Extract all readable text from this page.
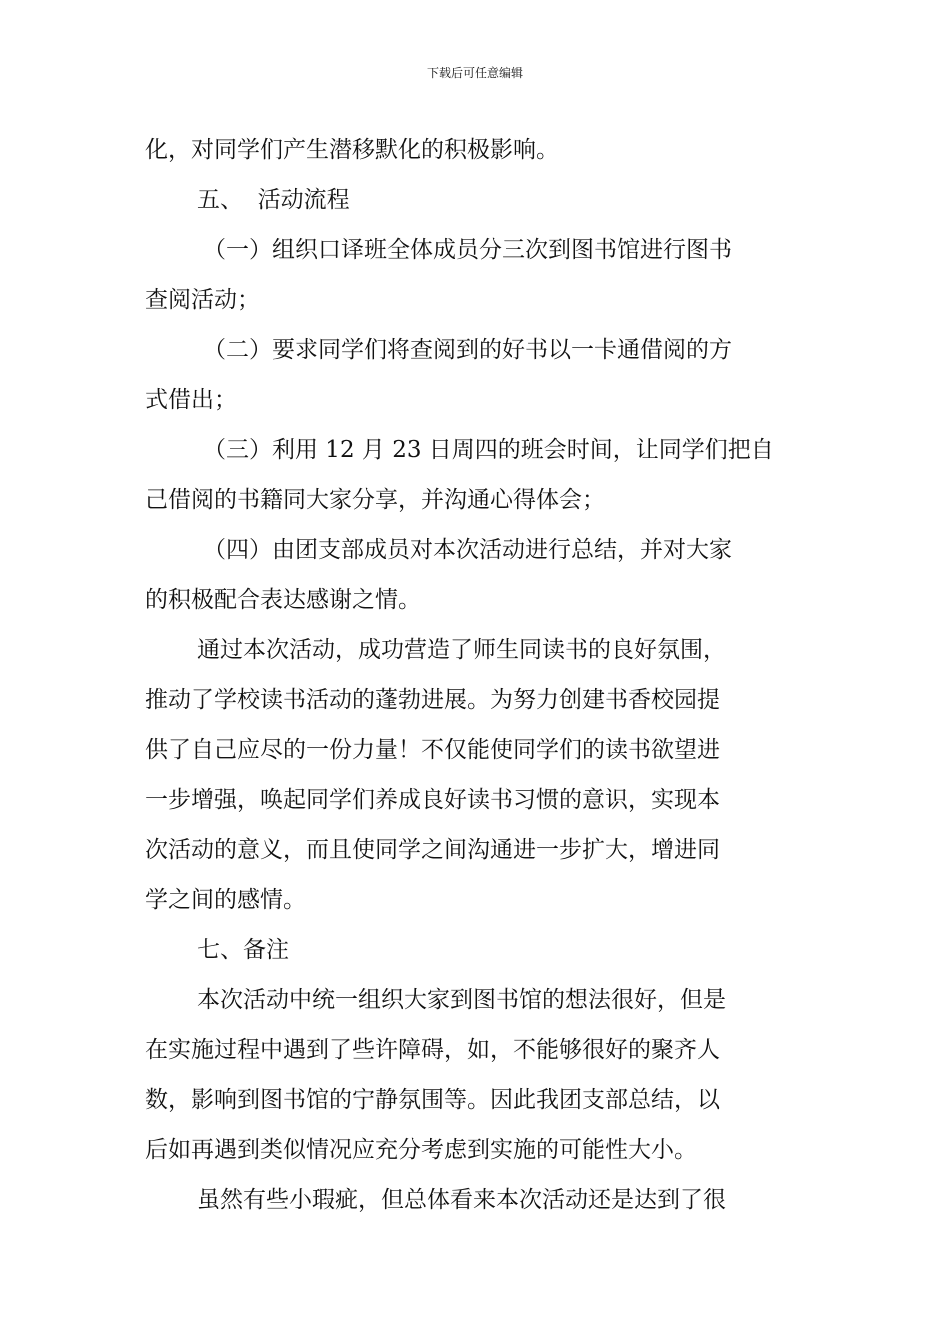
下载后可任意编辑
化，对同学们产生潜移默化的积极影响。
五、  活动流程
（一）组织口译班全体成员分三次到图书馆进行图书
查阅活动；
（二）要求同学们将查阅到的好书以一卡通借阅的方
式借出；
（三）利用 12 月 23 日周四的班会时间，让同学们把自
己借阅的书籍同大家分享，并沟通心得体会；
（四）由团支部成员对本次活动进行总结，并对大家
的积极配合表达感谢之情。
通过本次活动，成功营造了师生同读书的良好氛围，
推动了学校读书活动的蓬勃进展。为努力创建书香校园提
供了自己应尽的一份力量！不仅能使同学们的读书欲望进
一步增强，唤起同学们养成良好读书习惯的意识，实现本
次活动的意义，而且使同学之间沟通进一步扩大，增进同
学之间的感情。
七、备注
本次活动中统一组织大家到图书馆的想法很好，但是
在实施过程中遇到了些许障碍，如，不能够很好的聚齐人
数，影响到图书馆的宁静氛围等。因此我团支部总结，以
后如再遇到类似情况应充分考虑到实施的可能性大小。
虽然有些小瑕疵，但总体看来本次活动还是达到了很
